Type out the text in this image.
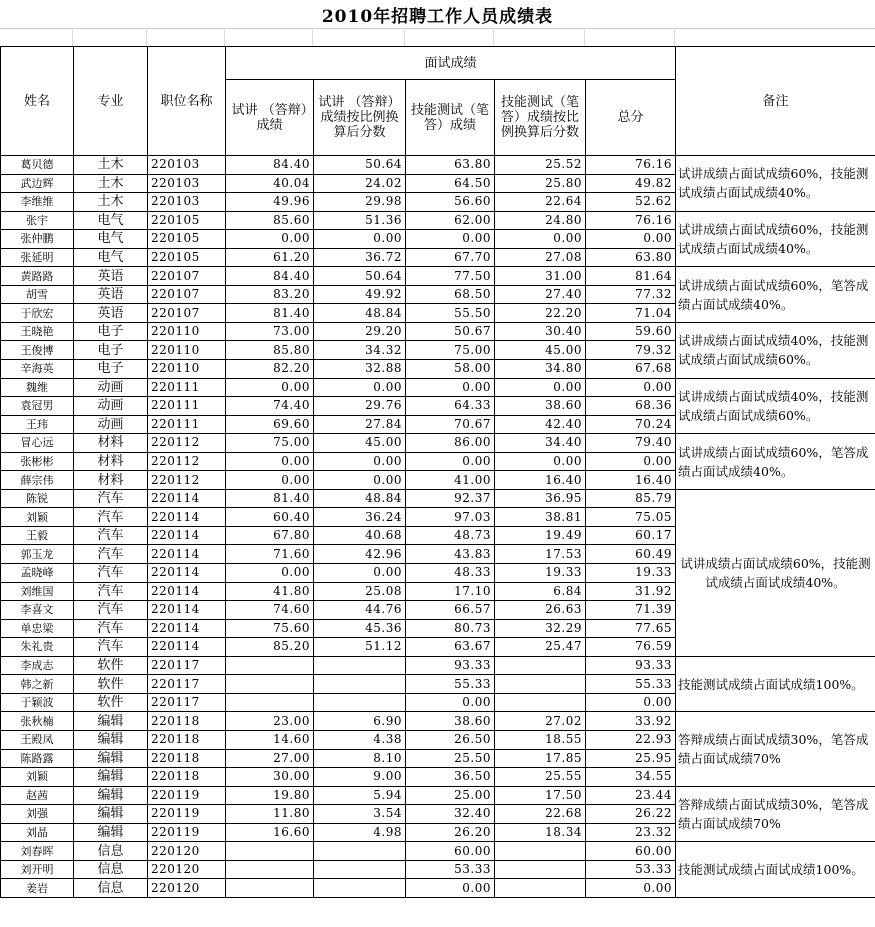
2010年招聘工作人员成绩表
姓名	专业	职位名称	面试成绩					备注
			试讲 （答辩）成绩	试讲 （答辩）成绩按比例换算后分数	技能测试（笔答）成绩	技能测试（笔答）成绩按比例换算后分数	总分	
葛贝德	土木	220103	84.40	50.64	63.80	25.52	76.16	试讲成绩占面试成绩60%，技能测试成绩占面试成绩40%。
武边辉	土木	220103	40.04	24.02	64.50	25.80	49.82	
李维维	土木	220103	49.96	29.98	56.60	22.64	52.62	
张宇	电气	220105	85.60	51.36	62.00	24.80	76.16	试讲成绩占面试成绩60%，技能测试成绩占面试成绩40%。
张仲鹏	电气	220105	0.00	0.00	0.00	0.00	0.00	
张延明	电气	220105	61.20	36.72	67.70	27.08	63.80	
黄路路	英语	220107	84.40	50.64	77.50	31.00	81.64	试讲成绩占面试成绩60%，笔答成绩占面试成绩40%。
胡雪	英语	220107	83.20	49.92	68.50	27.40	77.32	
于欣宏	英语	220107	81.40	48.84	55.50	22.20	71.04	
王晓艳	电子	220110	73.00	29.20	50.67	30.40	59.60	试讲成绩占面试成绩40%，技能测试成绩占面试成绩60%。
王俊博	电子	220110	85.80	34.32	75.00	45.00	79.32	
辛海英	电子	220110	82.20	32.88	58.00	34.80	67.68	
魏维	动画	220111	0.00	0.00	0.00	0.00	0.00	试讲成绩占面试成绩40%，技能测试成绩占面试成绩60%。
袁冠男	动画	220111	74.40	29.76	64.33	38.60	68.36	
王玮	动画	220111	69.60	27.84	70.67	42.40	70.24	
冒心远	材料	220112	75.00	45.00	86.00	34.40	79.40	试讲成绩占面试成绩60%，笔答成绩占面试成绩40%。
张彬彬	材料	220112	0.00	0.00	0.00	0.00	0.00	
薛宗伟	材料	220112	0.00	0.00	41.00	16.40	16.40	
陈锐	汽车	220114	81.40	48.84	92.37	36.95	85.79	试讲成绩占面试成绩60%，技能测试成绩占面试成绩40%。
刘颖	汽车	220114	60.40	36.24	97.03	38.81	75.05	
王毅	汽车	220114	67.80	40.68	48.73	19.49	60.17	
郭玉龙	汽车	220114	71.60	42.96	43.83	17.53	60.49	
孟晓峰	汽车	220114	0.00	0.00	48.33	19.33	19.33	
刘维国	汽车	220114	41.80	25.08	17.10	6.84	31.92	
李喜文	汽车	220114	74.60	44.76	66.57	26.63	71.39	
单忠梁	汽车	220114	75.60	45.36	80.73	32.29	77.65	
朱礼贵	汽车	220114	85.20	51.12	63.67	25.47	76.59	
李成志	软件	220117			93.33		93.33	技能测试成绩占面试成绩100%。
韩之新	软件	220117			55.33		55.33	
于颖波	软件	220117			0.00		0.00	
张秋楠	编辑	220118	23.00	6.90	38.60	27.02	33.92	答辩成绩占面试成绩30%，笔答成绩占面试成绩70%
王殿凤	编辑	220118	14.60	4.38	26.50	18.55	22.93	
陈路露	编辑	220118	27.00	8.10	25.50	17.85	25.95	
刘颖	编辑	220118	30.00	9.00	36.50	25.55	34.55	
赵茜	编辑	220119	19.80	5.94	25.00	17.50	23.44	答辩成绩占面试成绩30%，笔答成绩占面试成绩70%
刘强	编辑	220119	11.80	3.54	32.40	22.68	26.22	
刘晶	编辑	220119	16.60	4.98	26.20	18.34	23.32	
刘春晖	信息	220120			60.00		60.00	技能测试成绩占面试成绩100%。
刘开明	信息	220120			53.33		53.33	
姜岩	信息	220120			0.00		0.00	
